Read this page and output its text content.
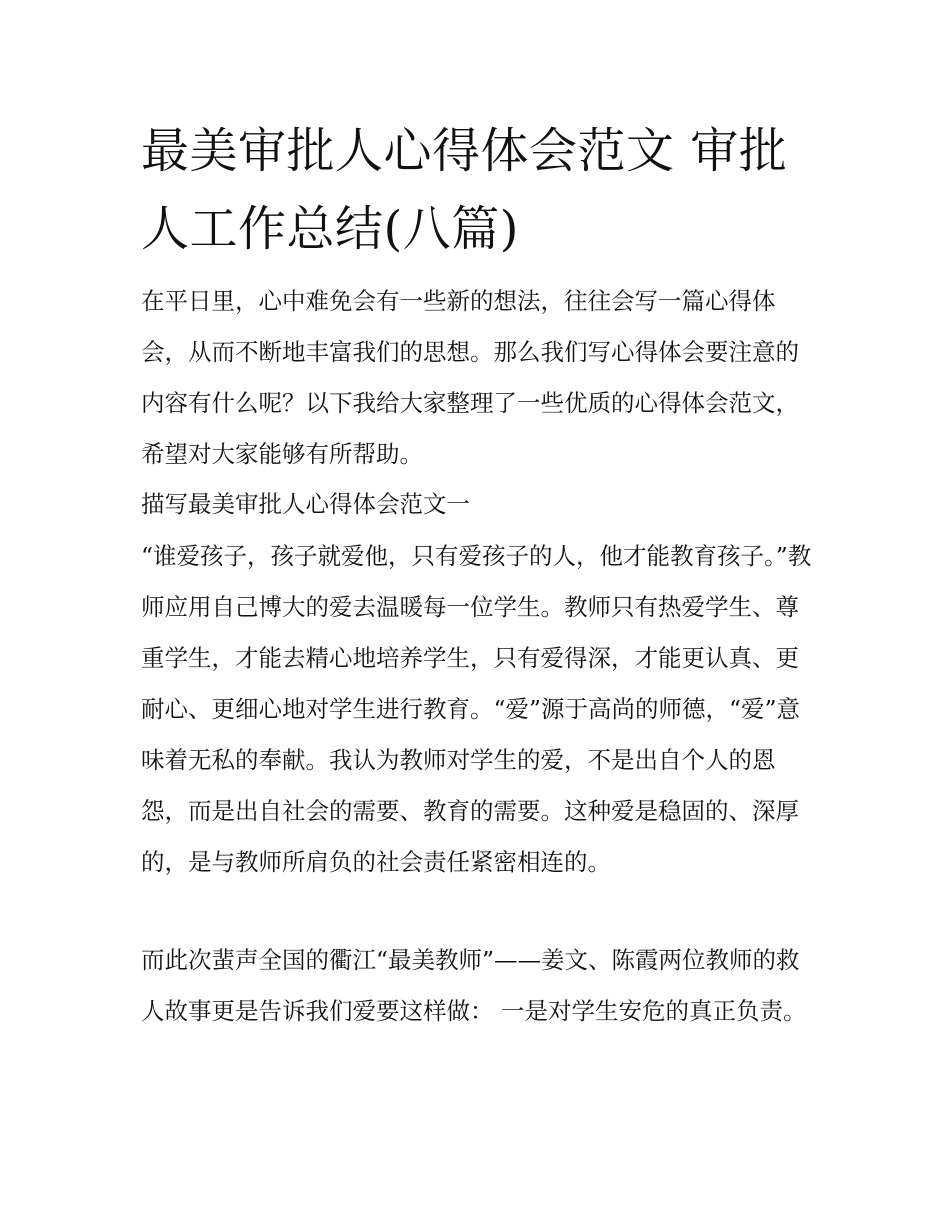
最美审批人心得体会范文 审批人工作总结(八篇)

在平日里，心中难免会有一些新的想法，往往会写一篇心得体会，从而不断地丰富我们的思想。那么我们写心得体会要注意的内容有什么呢？以下我给大家整理了一些优质的心得体会范文，希望对大家能够有所帮助。

描写最美审批人心得体会范文一

“谁爱孩子，孩子就爱他，只有爱孩子的人，他才能教育孩子。”教师应用自己博大的爱去温暖每一位学生。教师只有热爱学生、尊重学生，才能去精心地培养学生，只有爱得深，才能更认真、更耐心、更细心地对学生进行教育。“爱”源于高尚的师德，“爱”意味着无私的奉献。我认为教师对学生的爱，不是出自个人的恩怨，而是出自社会的需要、教育的需要。这种爱是稳固的、深厚的，是与教师所肩负的社会责任紧密相连的。

而此次蜚声全国的衢江“最美教师”——姜文、陈霞两位教师的救人故事更是告诉我们爱要这样做： 一是对学生安危的真正负责。
